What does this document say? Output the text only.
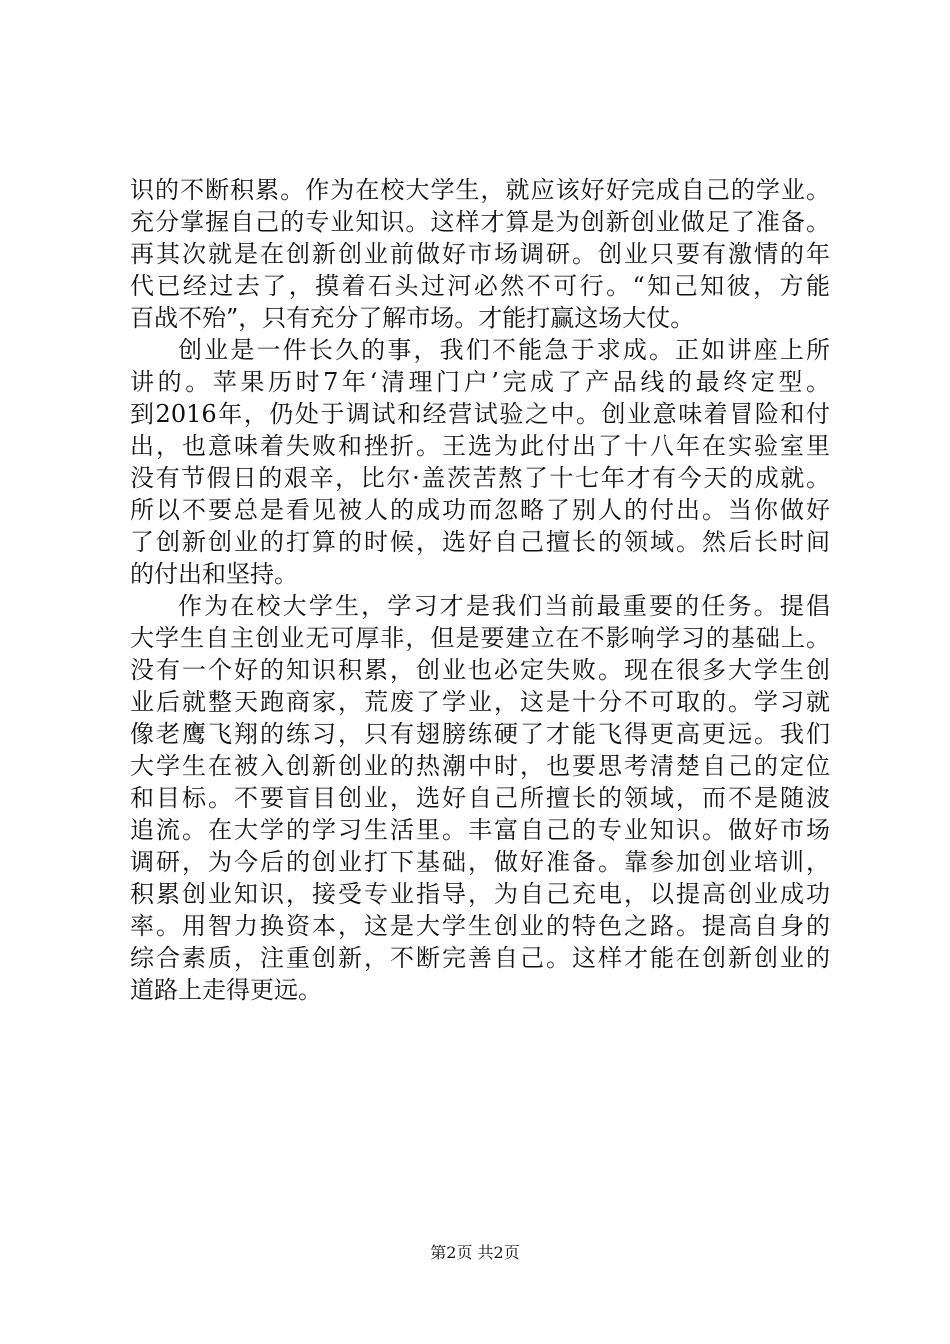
识的不断积累。作为在校大学生，就应该好好完成自己的学业。
充分掌握自己的专业知识。这样才算是为创新创业做足了准备。
再其次就是在创新创业前做好市场调研。创业只要有激情的年
代已经过去了，摸着石头过河必然不可行。“知己知彼，方能
百战不殆”，只有充分了解市场。才能打赢这场大仗。
创业是一件长久的事，我们不能急于求成。正如讲座上所
讲的。苹果历时7年‘清理门户’完成了产品线的最终定型。
到2016年，仍处于调试和经营试验之中。创业意味着冒险和付
出，也意味着失败和挫折。王选为此付出了十八年在实验室里
没有节假日的艰辛，比尔·盖茨苦熬了十七年才有今天的成就。
所以不要总是看见被人的成功而忽略了别人的付出。当你做好
了创新创业的打算的时候，选好自己擅长的领域。然后长时间
的付出和坚持。
作为在校大学生，学习才是我们当前最重要的任务。提倡
大学生自主创业无可厚非，但是要建立在不影响学习的基础上。
没有一个好的知识积累，创业也必定失败。现在很多大学生创
业后就整天跑商家，荒废了学业，这是十分不可取的。学习就
像老鹰飞翔的练习，只有翅膀练硬了才能飞得更高更远。我们
大学生在被入创新创业的热潮中时，也要思考清楚自己的定位
和目标。不要盲目创业，选好自己所擅长的领域，而不是随波
追流。在大学的学习生活里。丰富自己的专业知识。做好市场
调研，为今后的创业打下基础，做好准备。靠参加创业培训，
积累创业知识，接受专业指导，为自己充电，以提高创业成功
率。用智力换资本，这是大学生创业的特色之路。提高自身的
综合素质，注重创新，不断完善自己。这样才能在创新创业的
道路上走得更远。
第2页 共2页
